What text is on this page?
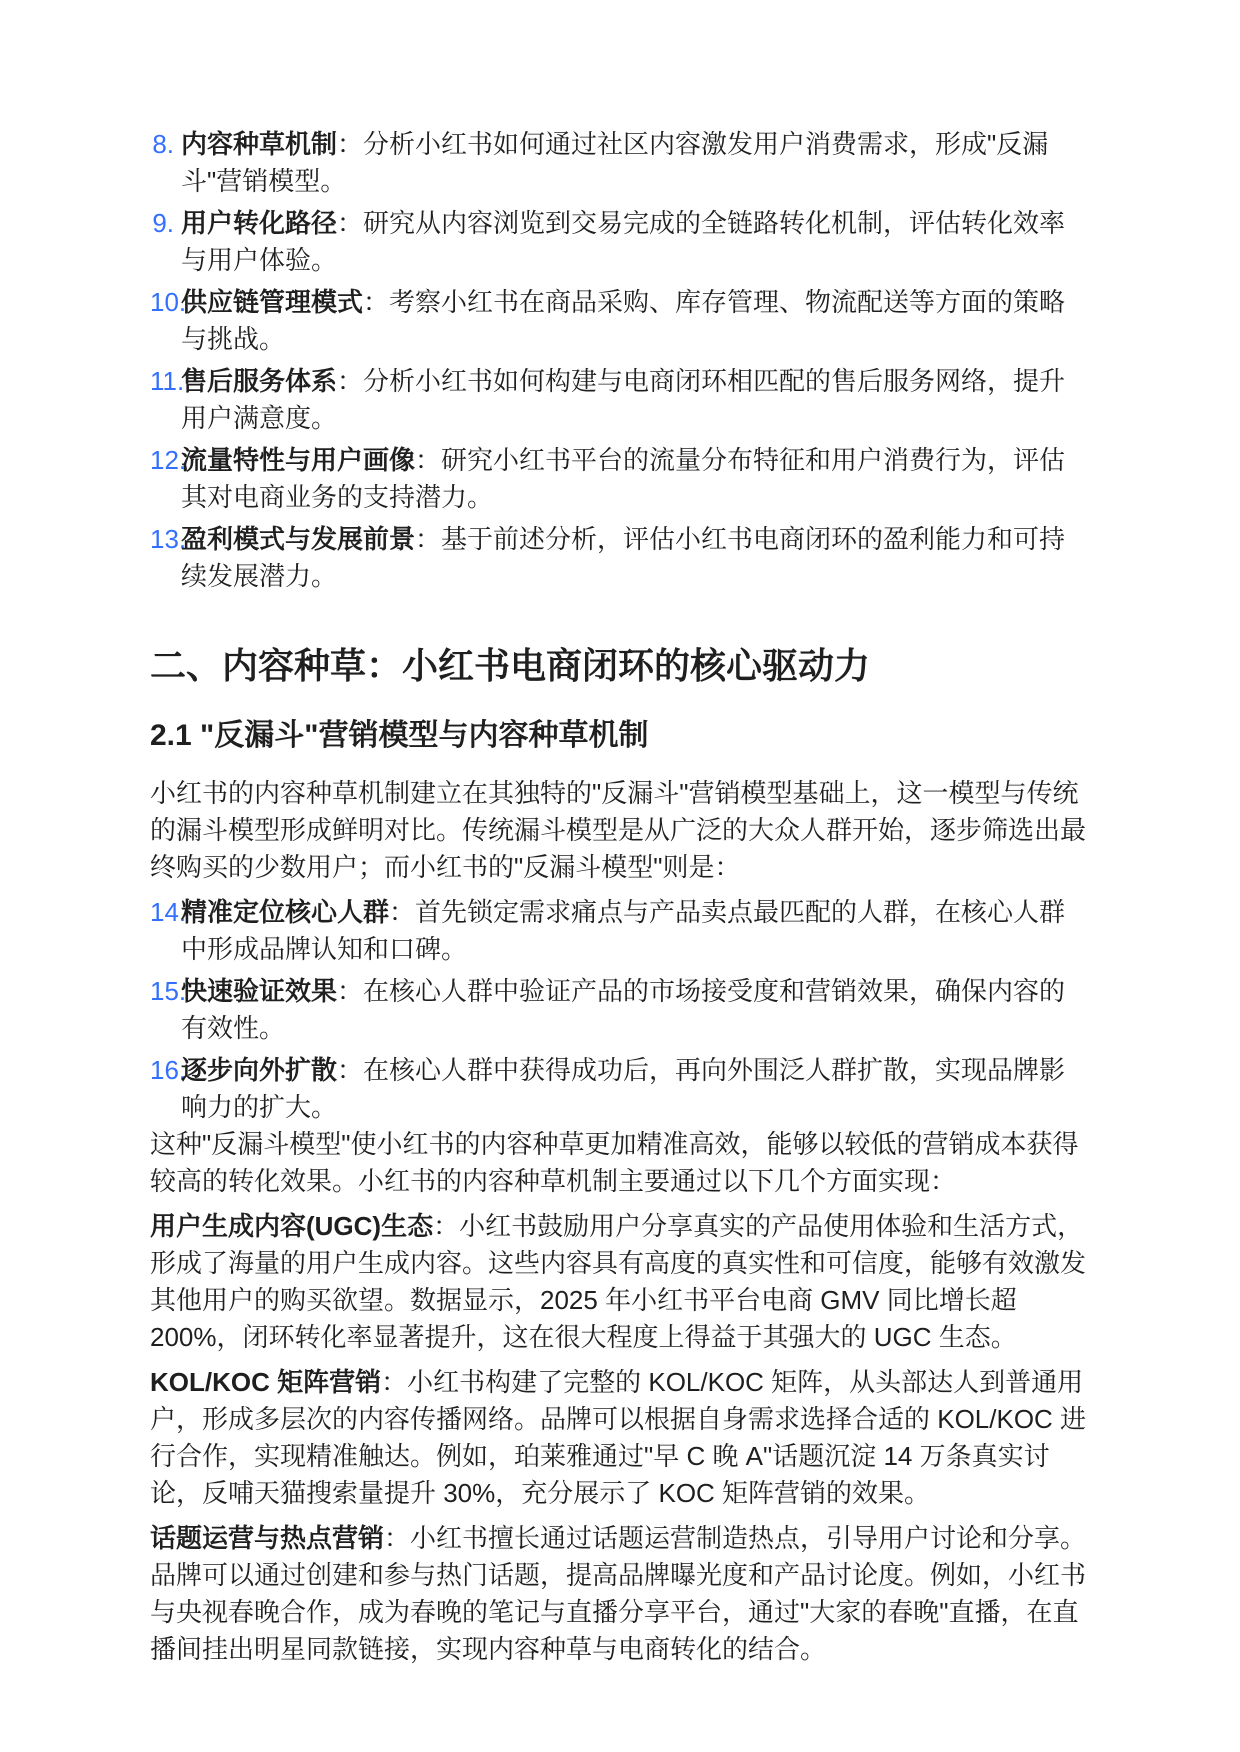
8. 内容种草机制：分析小红书如何通过社区内容激发用户消费需求，形成"反漏斗"营销模型。
9. 用户转化路径：研究从内容浏览到交易完成的全链路转化机制，评估转化效率与用户体验。
10.
供应链管理模式：考察小红书在商品采购、库存管理、物流配送等方面的策略与挑战。
11.
售后服务体系：分析小红书如何构建与电商闭环相匹配的售后服务网络，提升用户满意度。
12.
流量特性与用户画像：研究小红书平台的流量分布特征和用户消费行为，评估其对电商业务的支持潜力。
13.
盈利模式与发展前景：基于前述分析，评估小红书电商闭环的盈利能力和可持续发展潜力。
二、内容种草：小红书电商闭环的核心驱动力
2.1 "反漏斗"营销模型与内容种草机制

小红书的内容种草机制建立在其独特的"反漏斗"营销模型基础上，这一模型与传统的漏斗模型形成鲜明对比。传统漏斗模型是从广泛的大众人群开始，逐步筛选出最终购买的少数用户；而小红书的"反漏斗模型"则是：

14.
精准定位核心人群：首先锁定需求痛点与产品卖点最匹配的人群，在核心人群中形成品牌认知和口碑。
15.
快速验证效果：在核心人群中验证产品的市场接受度和营销效果，确保内容的有效性。
16.
逐步向外扩散：在核心人群中获得成功后，再向外围泛人群扩散，实现品牌影响力的扩大。

这种"反漏斗模型"使小红书的内容种草更加精准高效，能够以较低的营销成本获得较高的转化效果。小红书的内容种草机制主要通过以下几个方面实现：

用户生成内容(UGC)生态：小红书鼓励用户分享真实的产品使用体验和生活方式，形成了海量的用户生成内容。这些内容具有高度的真实性和可信度，能够有效激发其他用户的购买欲望。数据显示，2025 年小红书平台电商 GMV 同比增长超 200%，闭环转化率显著提升，这在很大程度上得益于其强大的 UGC 生态。

KOL/KOC 矩阵营销：小红书构建了完整的 KOL/KOC 矩阵，从头部达人到普通用户，形成多层次的内容传播网络。品牌可以根据自身需求选择合适的 KOL/KOC 进行合作，实现精准触达。例如，珀莱雅通过"早 C 晚 A"话题沉淀 14 万条真实讨论，反哺天猫搜索量提升 30%，充分展示了 KOC 矩阵营销的效果。

话题运营与热点营销：小红书擅长通过话题运营制造热点，引导用户讨论和分享。品牌可以通过创建和参与热门话题，提高品牌曝光度和产品讨论度。例如，小红书与央视春晚合作，成为春晚的笔记与直播分享平台，通过"大家的春晚"直播，在直播间挂出明星同款链接，实现内容种草与电商转化的结合。
